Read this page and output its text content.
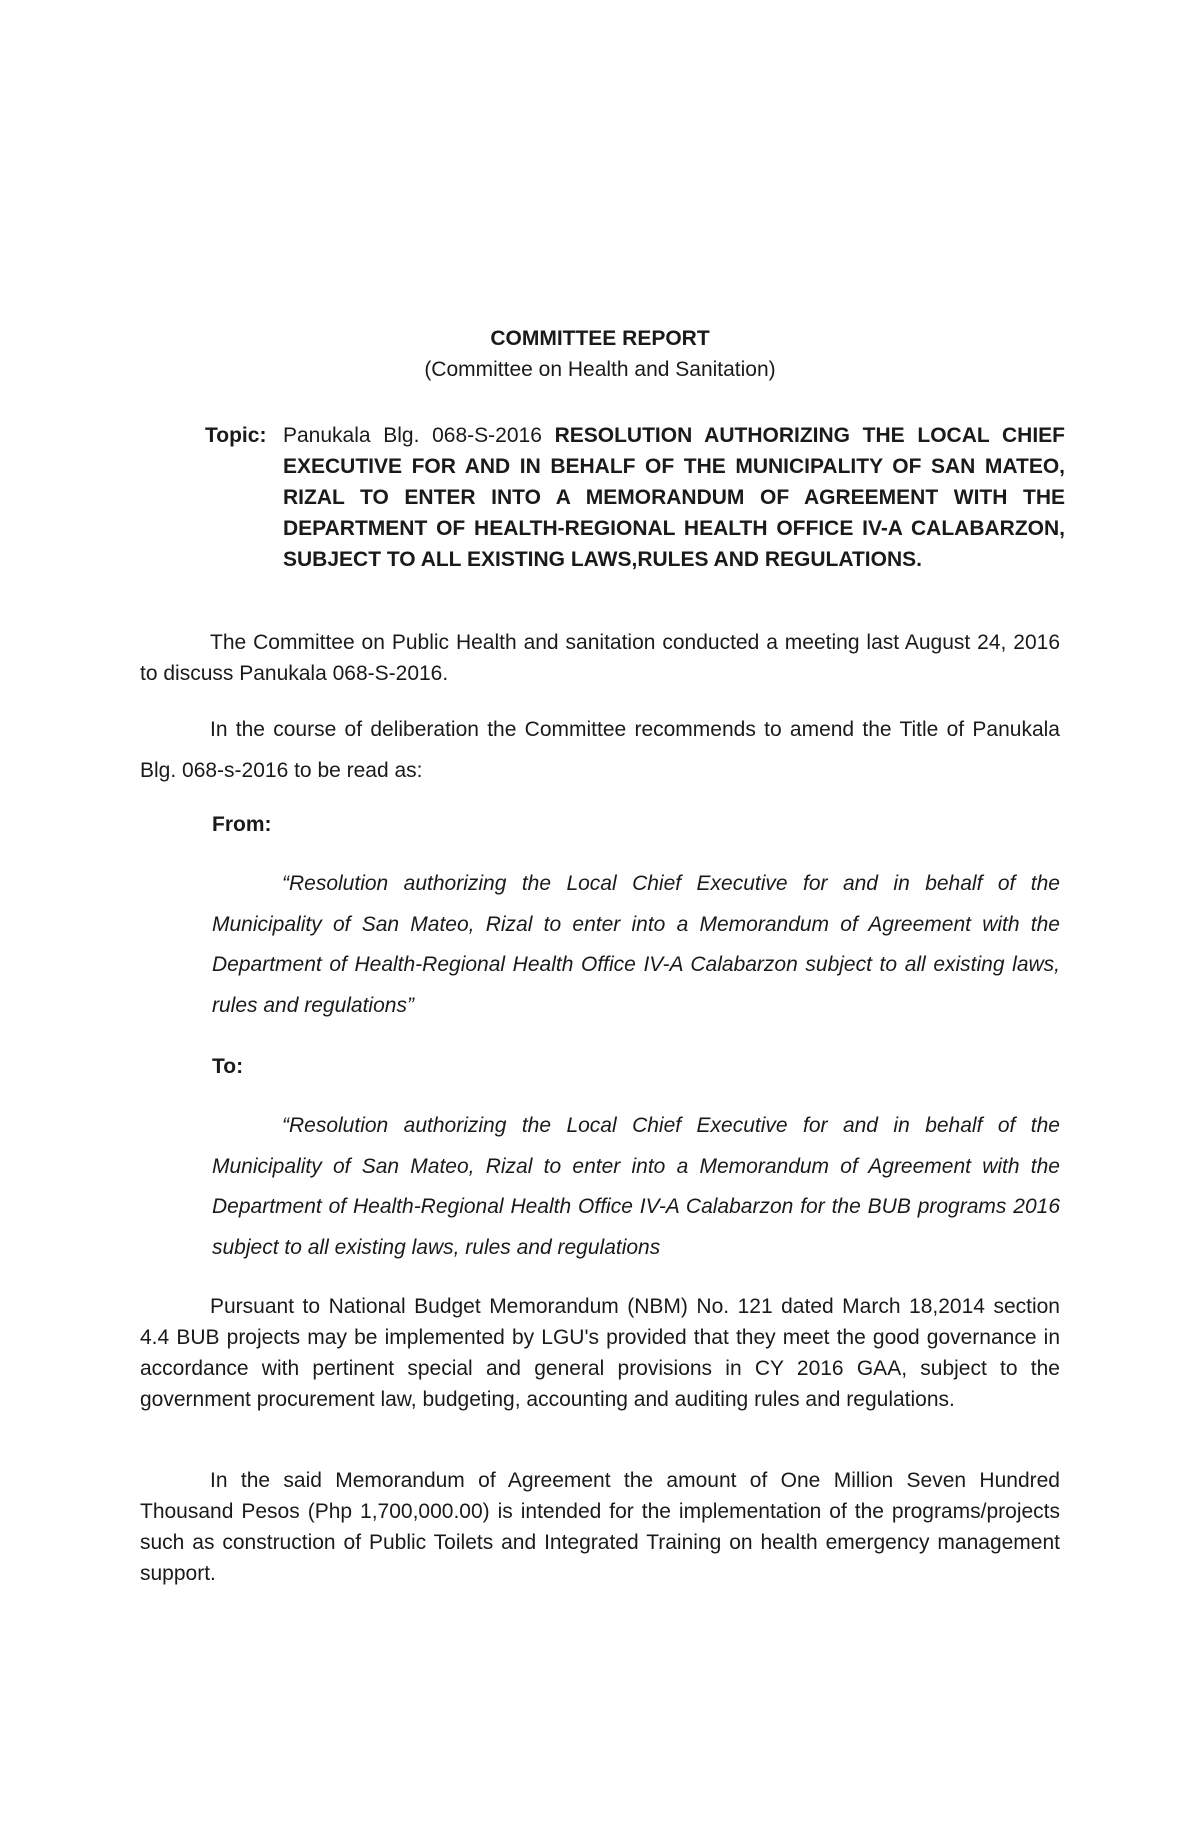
COMMITTEE REPORT

(Committee on Health and Sanitation)

Topic: Panukala Blg. 068-S-2016 RESOLUTION AUTHORIZING THE LOCAL CHIEF EXECUTIVE FOR AND IN BEHALF OF THE MUNICIPALITY OF SAN MATEO, RIZAL TO ENTER INTO A MEMORANDUM OF AGREEMENT WITH THE DEPARTMENT OF HEALTH-REGIONAL HEALTH OFFICE IV-A CALABARZON, SUBJECT TO ALL EXISTING LAWS,RULES AND REGULATIONS.

The Committee on Public Health and sanitation conducted a meeting last August 24, 2016 to discuss Panukala 068-S-2016.

In the course of deliberation the Committee recommends to amend the Title of Panukala Blg. 068-s-2016 to be read as:

From:

“Resolution authorizing the Local Chief Executive for and in behalf of the Municipality of San Mateo, Rizal to enter into a Memorandum of Agreement with the Department of Health-Regional Health Office IV-A Calabarzon subject to all existing laws, rules and regulations”

To:

“Resolution authorizing the Local Chief Executive for and in behalf of the Municipality of San Mateo, Rizal to enter into a Memorandum of Agreement with the Department of Health-Regional Health Office IV-A Calabarzon for the BUB programs 2016 subject to all existing laws, rules and regulations

Pursuant to National Budget Memorandum (NBM) No. 121 dated March 18,2014 section 4.4 BUB projects may be implemented by LGU's provided that they meet the good governance in accordance with pertinent special and general provisions in CY 2016 GAA, subject to the government procurement law, budgeting, accounting and auditing rules and regulations.

In the said Memorandum of Agreement the amount of One Million Seven Hundred Thousand Pesos (Php 1,700,000.00) is intended for the implementation of the programs/projects such as construction of Public Toilets and Integrated Training on health emergency management support.
